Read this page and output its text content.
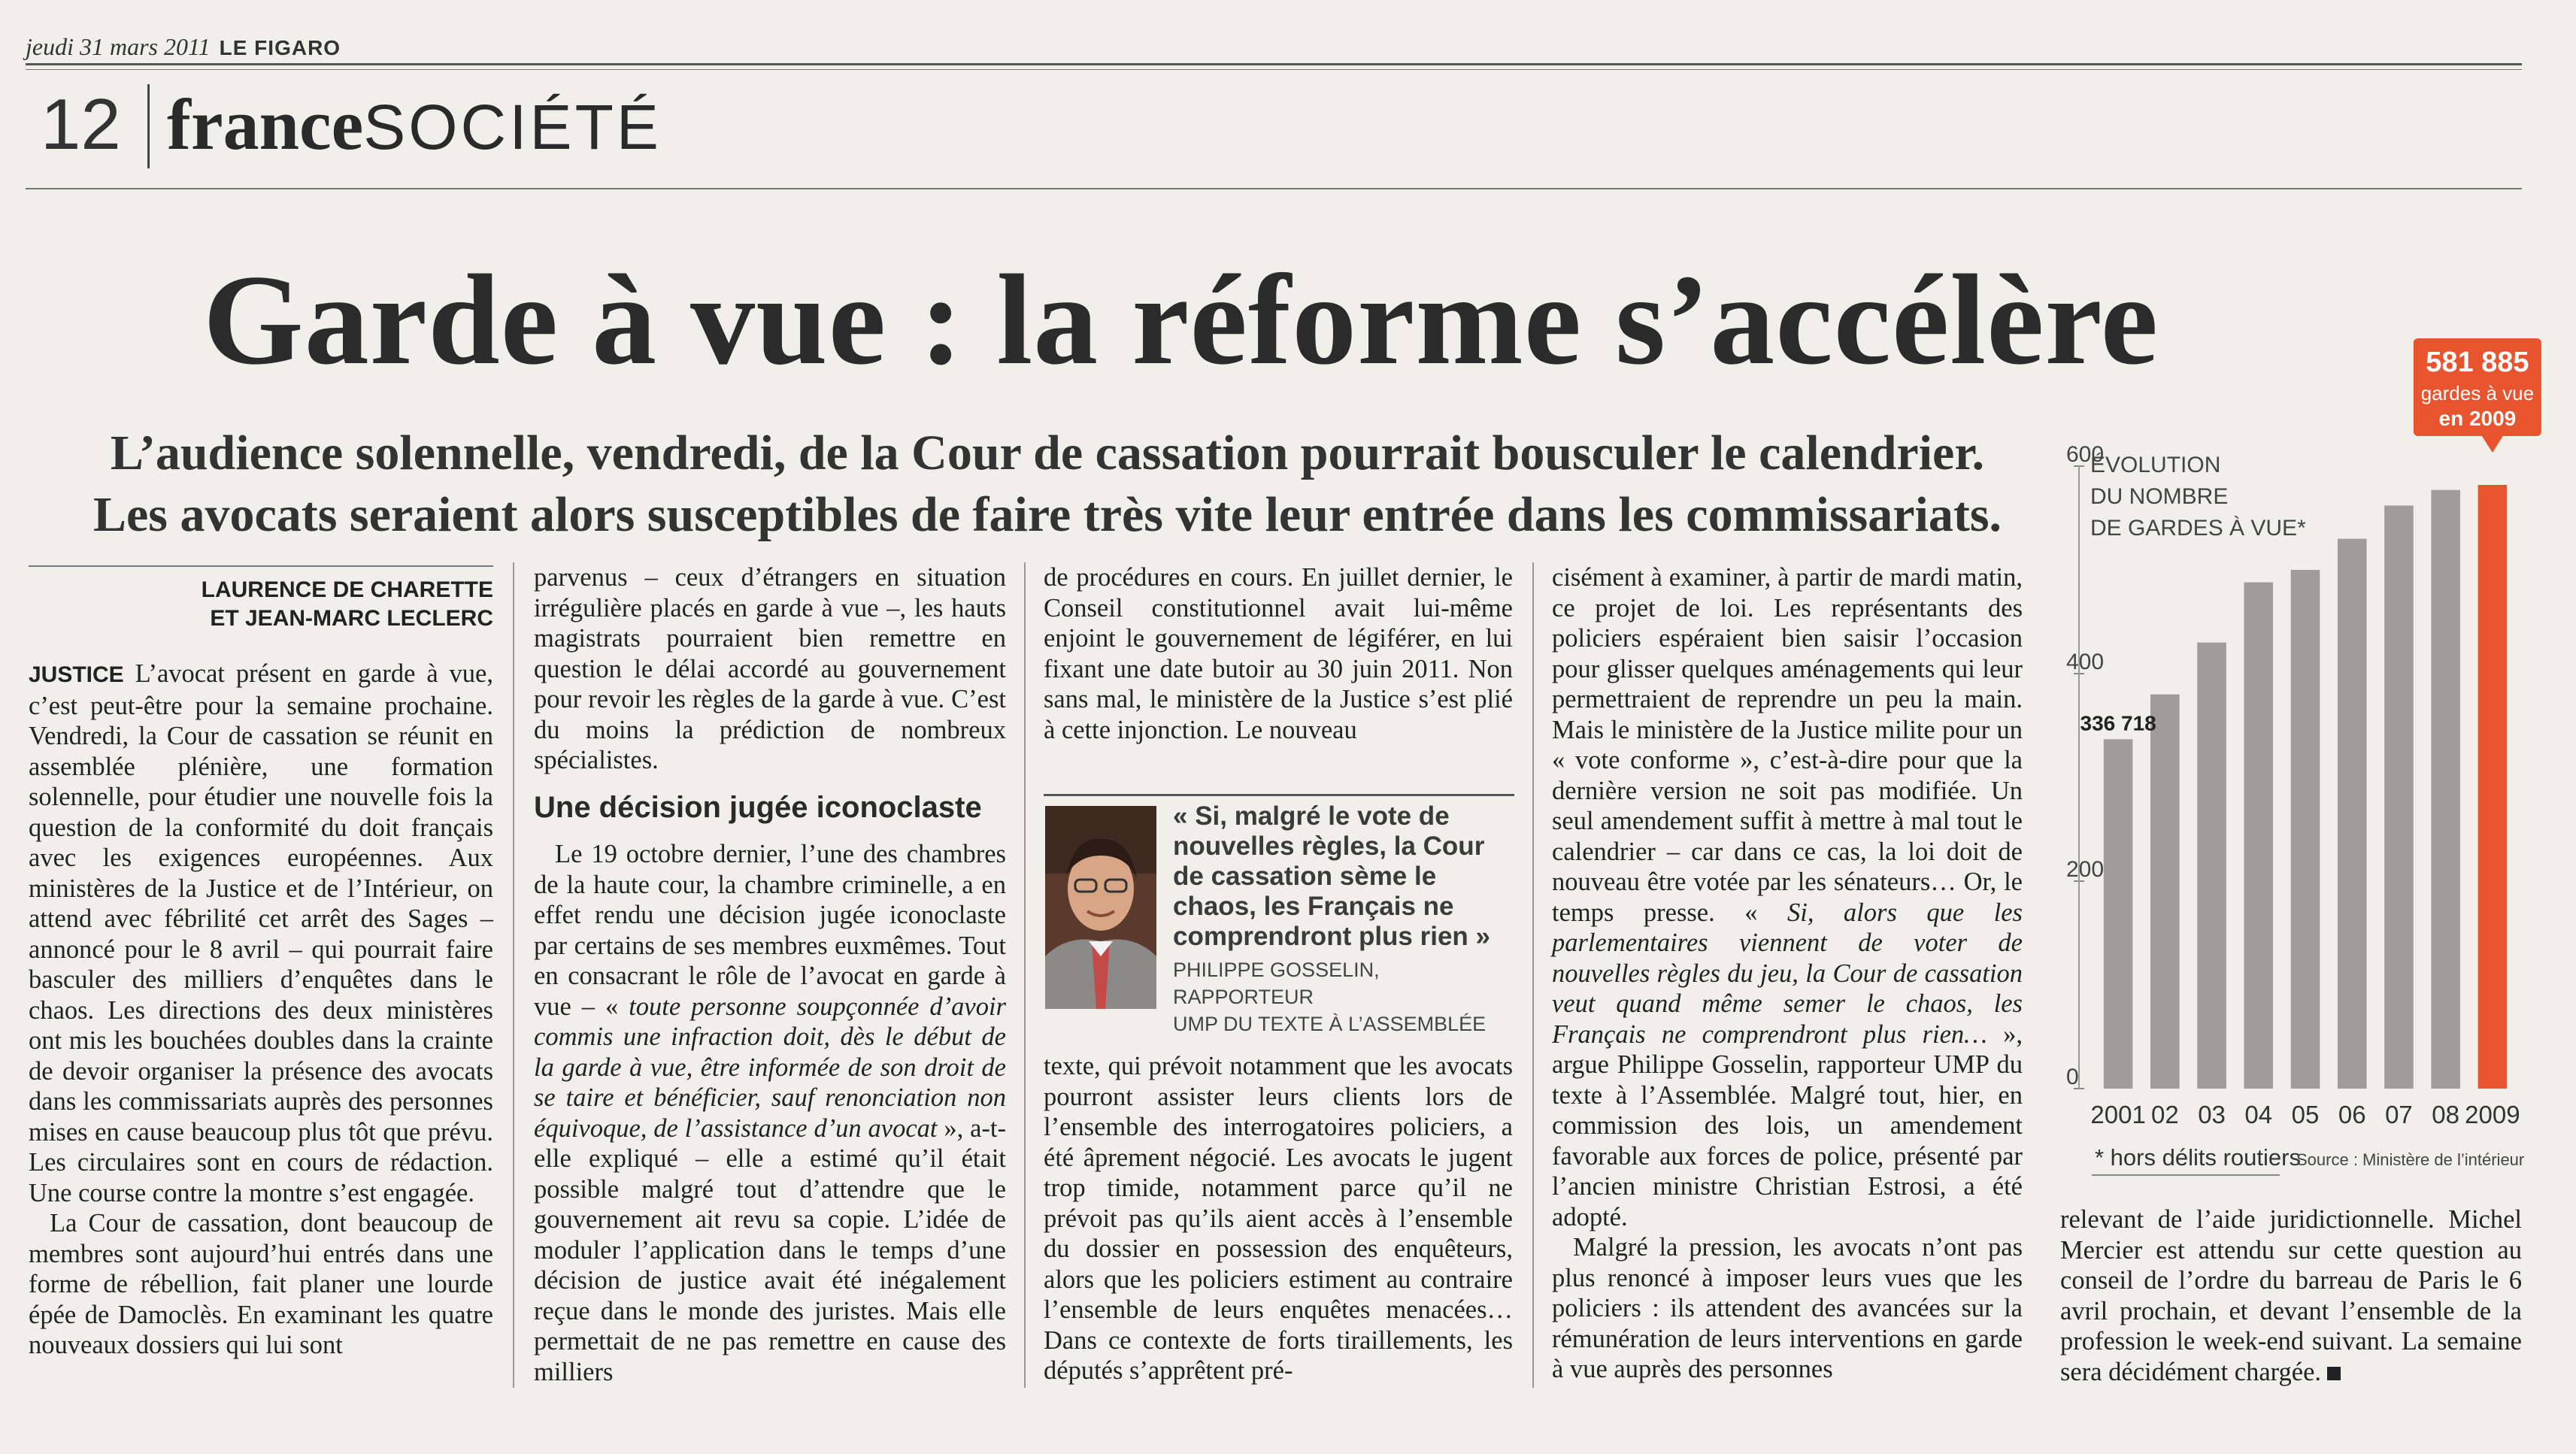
jeudi 31 mars 2011 LE FIGARO
12 franceSOCIÉTÉ
Garde à vue : la réforme s’accélère
L’audience solennelle, vendredi, de la Cour de cassation pourrait bousculer le calendrier.
Les avocats seraient alors susceptibles de faire très vite leur entrée dans les commissariats.
LAURENCE DE CHARETTE
ET JEAN-MARC LECLERC

JUSTICE L’avocat présent en garde à vue, c’est peut-être pour la semaine prochaine. Vendredi, la Cour de cassation se réunit en assemblée plénière, une formation solennelle, pour étudier une nouvelle fois la question de la conformité du doit français avec les exigences européennes. Aux ministères de la Justice et de l’Intérieur, on attend avec fébrilité cet arrêt des Sages – annoncé pour le 8 avril – qui pourrait faire basculer des milliers d’enquêtes dans le chaos. Les directions des deux ministères ont mis les bouchées doubles dans la crainte de devoir organiser la présence des avocats dans les commissariats auprès des personnes mises en cause beaucoup plus tôt que prévu. Les circulaires sont en cours de rédaction. Une course contre la montre s’est engagée.

La Cour de cassation, dont beaucoup de membres sont aujourd’hui entrés dans une forme de rébellion, fait planer une lourde épée de Damoclès. En examinant les quatre nouveaux dossiers qui lui sont

parvenus – ceux d’étrangers en situation irrégulière placés en garde à vue –, les hauts magistrats pourraient bien remettre en question le délai accordé au gouvernement pour revoir les règles de la garde à vue. C’est du moins la prédiction de nombreux spécialistes.

Une décision jugée iconoclaste

Le 19 octobre dernier, l’une des chambres de la haute cour, la chambre criminelle, a en effet rendu une décision jugée iconoclaste par certains de ses membres euxmêmes. Tout en consacrant le rôle de l’avocat en garde à vue – « toute personne soupçonnée d’avoir commis une infraction doit, dès le début de la garde à vue, être informée de son droit de se taire et bénéficier, sauf renonciation non équivoque, de l’assistance d’un avocat », a-t-elle expliqué – elle a estimé qu’il était possible malgré tout d’attendre que le gouvernement ait revu sa copie. L’idée de moduler l’application dans le temps d’une décision de justice avait été inégalement reçue dans le monde des juristes. Mais elle permettait de ne pas remettre en cause des milliers

de procédures en cours. En juillet dernier, le Conseil constitutionnel avait lui-même enjoint le gouvernement de légiférer, en lui fixant une date butoir au 30 juin 2011. Non sans mal, le ministère de la Justice s’est plié à cette injonction. Le nouveau

« Si, malgré le vote de nouvelles règles, la Cour de cassation sème le chaos, les Français ne comprendront plus rien »
PHILIPPE GOSSELIN, RAPPORTEUR
UMP DU TEXTE À L’ASSEMBLÉE

texte, qui prévoit notamment que les avocats pourront assister leurs clients lors de l’ensemble des interrogatoires policiers, a été âprement négocié. Les avocats le jugent trop timide, notamment parce qu’il ne prévoit pas qu’ils aient accès à l’ensemble du dossier en possession des enquêteurs, alors que les policiers estiment au contraire l’ensemble de leurs enquêtes menacées… Dans ce contexte de forts tiraillements, les députés s’apprêtent pré-

cisément à examiner, à partir de mardi matin, ce projet de loi. Les représentants des policiers espéraient bien saisir l’occasion pour glisser quelques aménagements qui leur permettraient de reprendre un peu la main. Mais le ministère de la Justice milite pour un « vote conforme », c’est-à-dire pour que la dernière version ne soit pas modifiée. Un seul amendement suffit à mettre à mal tout le calendrier – car dans ce cas, la loi doit de nouveau être votée par les sénateurs… Or, le temps presse. « Si, alors que les parlementaires viennent de voter de nouvelles règles du jeu, la Cour de cassation veut quand même semer le chaos, les Français ne comprendront plus rien… », argue Philippe Gosselin, rapporteur UMP du texte à l’Assemblée. Malgré tout, hier, en commission des lois, un amendement favorable aux forces de police, présenté par l’ancien ministre Christian Estrosi, a été adopté.

Malgré la pression, les avocats n’ont pas plus renoncé à imposer leurs vues que les policiers : ils attendent des avancées sur la rémunération de leurs interventions en garde à vue auprès des personnes

600
400
200
0
ÉVOLUTION
DU NOMBRE
DE GARDES À VUE*
2001 02 03 04 05 06 07 08 2009
336 718
581 885
gardes à vue
en 2009
* hors délits routiers
Source : Ministère de l’intérieur

relevant de l’aide juridictionnelle. Michel Mercier est attendu sur cette question au conseil de l’ordre du barreau de Paris le 6 avril prochain, et devant l’ensemble de la profession le week-end suivant. La semaine sera décidément chargée.
